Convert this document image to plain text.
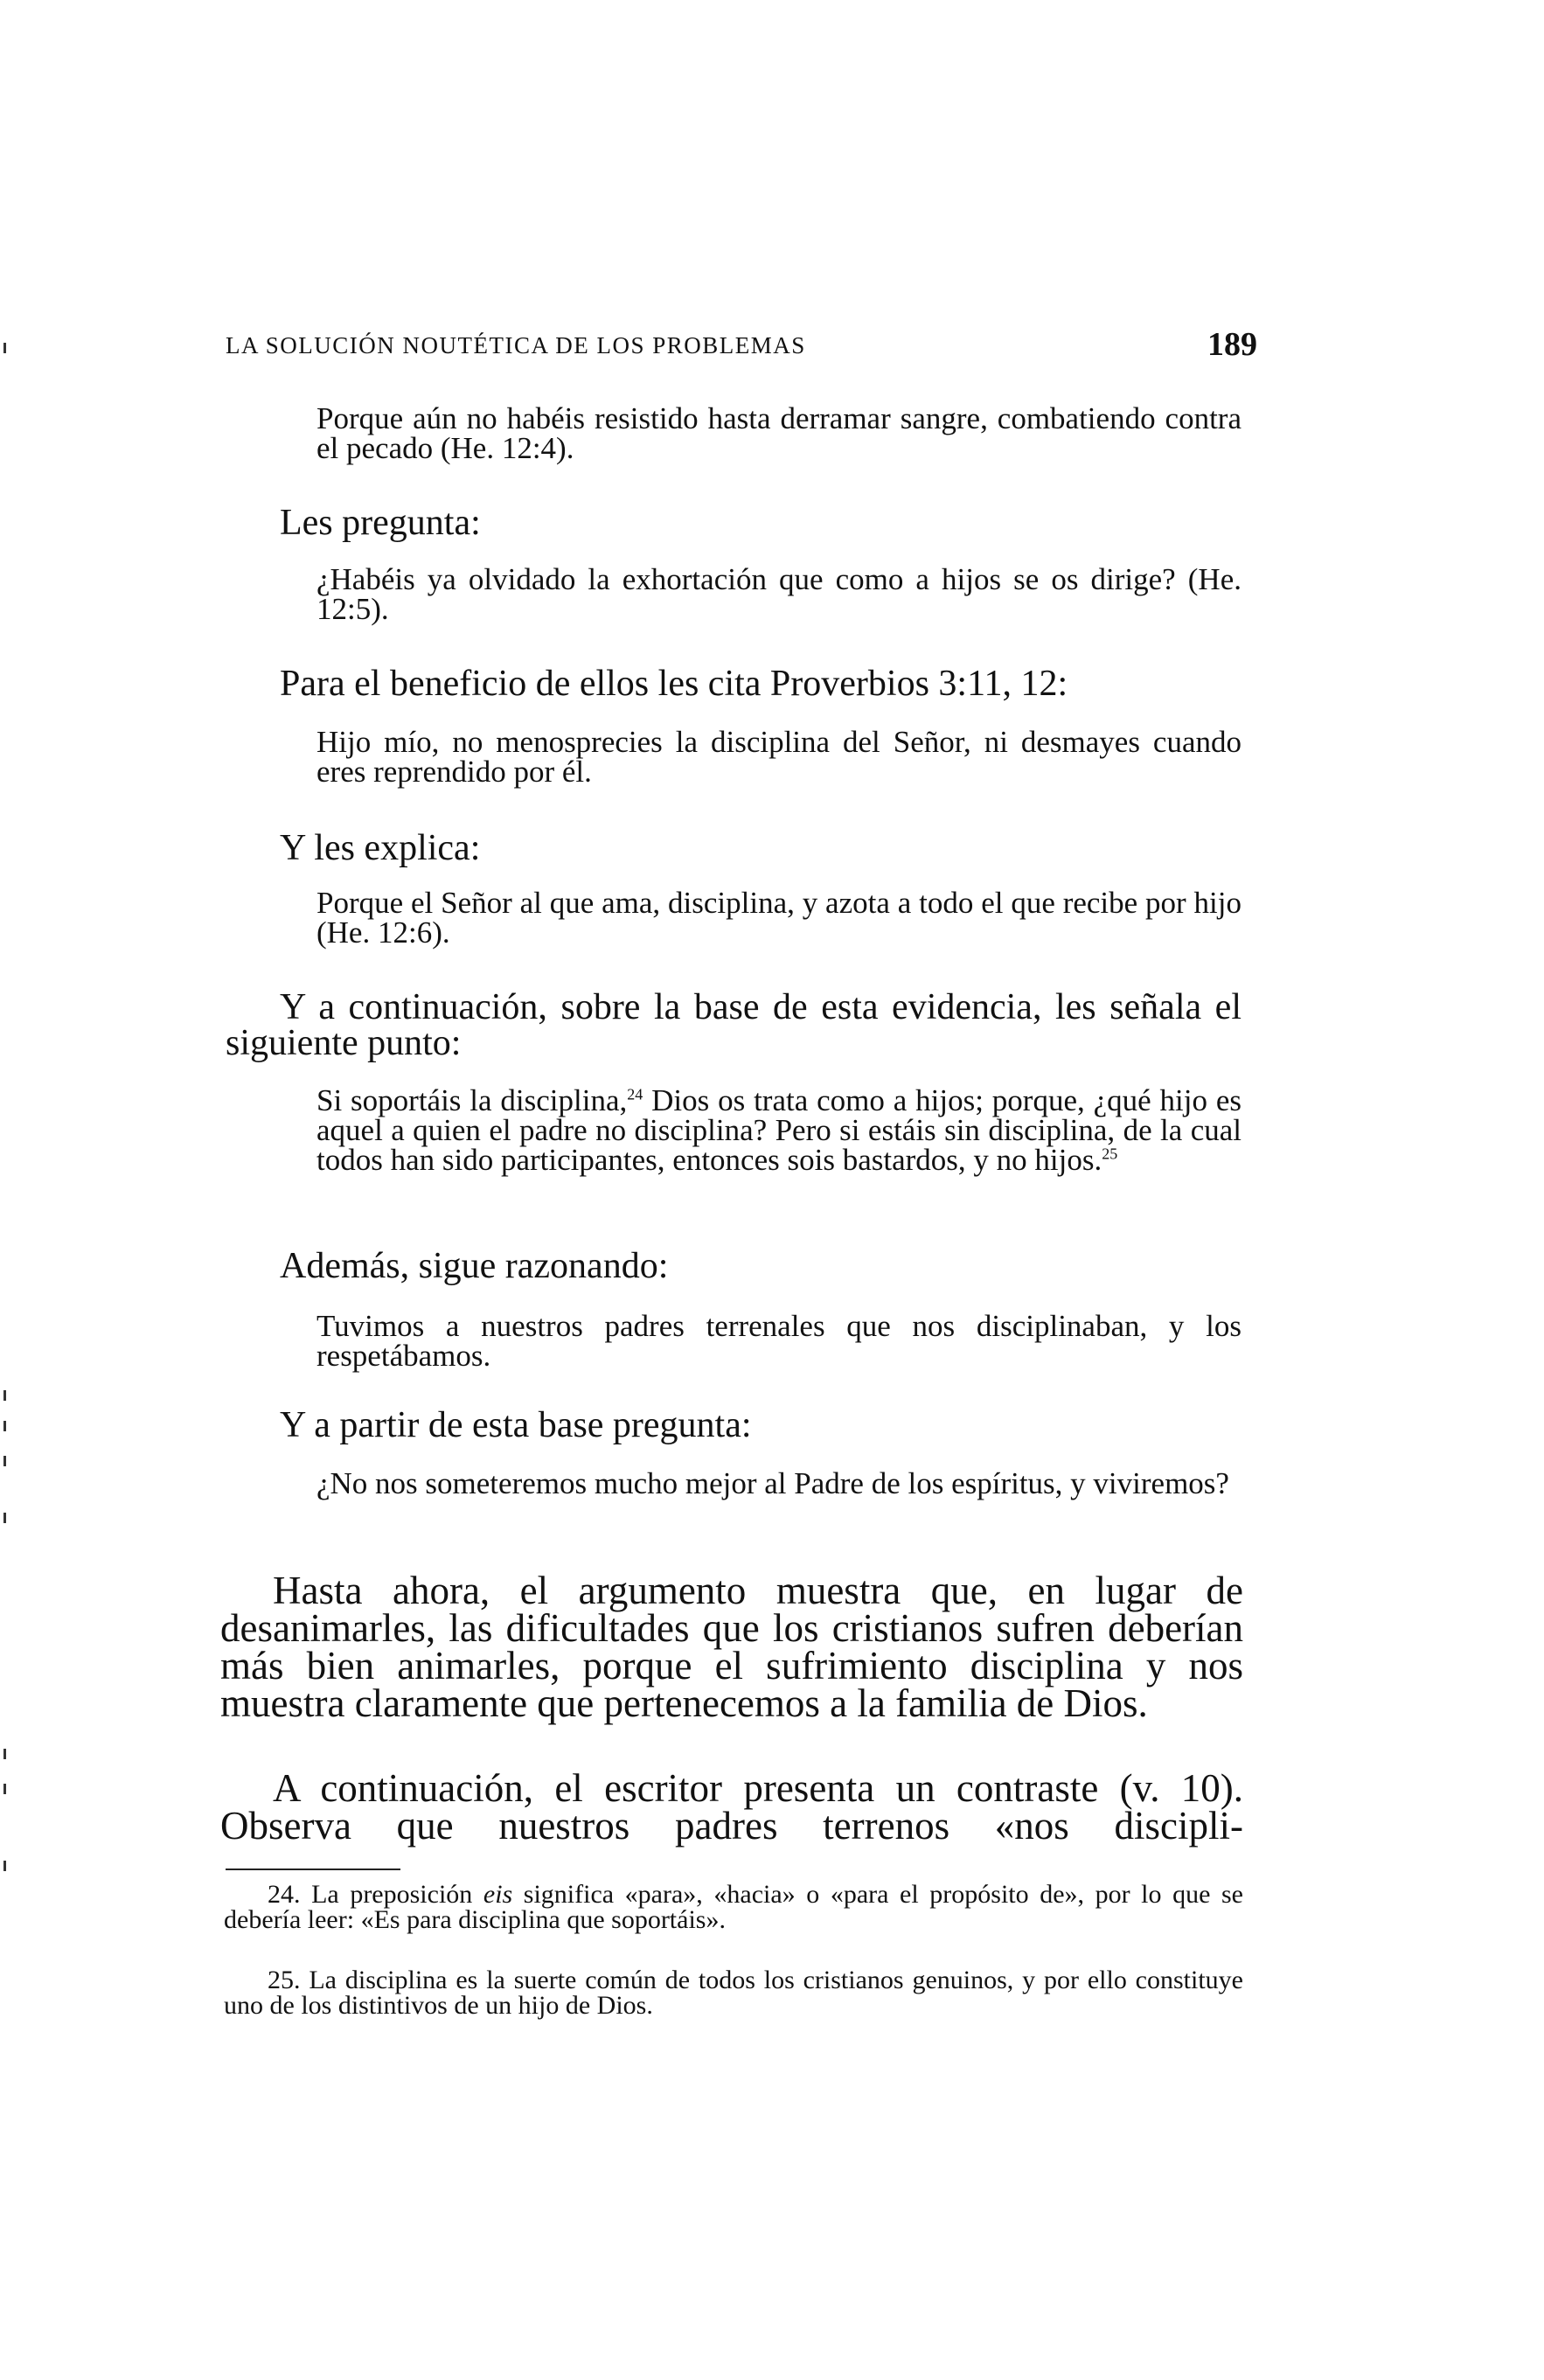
LA SOLUCIÓN NOUTÉTICA DE LOS PROBLEMAS	189

Porque aún no habéis resistido hasta derramar sangre, combatiendo contra el pecado (He. 12:4).

Les pregunta:

¿Habéis ya olvidado la exhortación que como a hijos se os dirige? (He. 12:5).

Para el beneficio de ellos les cita Proverbios 3:11, 12:

Hijo mío, no menosprecies la disciplina del Señor, ni desmayes cuando eres reprendido por él.

Y les explica:

Porque el Señor al que ama, disciplina, y azota a todo el que recibe por hijo (He. 12:6).

Y a continuación, sobre la base de esta evidencia, les señala el siguiente punto:

Si soportáis la disciplina,$^{24}$ Dios os trata como a hijos; porque, ¿qué hijo es aquel a quien el padre no disciplina? Pero si estáis sin disciplina, de la cual todos han sido participantes, entonces sois bastardos, y no hijos.$^{25}$

Además, sigue razonando:

Tuvimos a nuestros padres terrenales que nos disciplinaban, y los respetábamos.

Y a partir de esta base pregunta:

¿No nos someteremos mucho mejor al Padre de los espíritus, y viviremos?

Hasta ahora, el argumento muestra que, en lugar de desanimarles, las dificultades que los cristianos sufren deberían más bien animarles, porque el sufrimiento disciplina y nos muestra claramente que pertenecemos a la familia de Dios.

A continuación, el escritor presenta un contraste (v. 10). Observa que nuestros padres terrenos «nos discipli-

24. La preposición eis significa «para», «hacia» o «para el propósito de», por lo que se debería leer: «Es para disciplina que soportáis».

25. La disciplina es la suerte común de todos los cristianos genuinos, y por ello constituye uno de los distintivos de un hijo de Dios.
